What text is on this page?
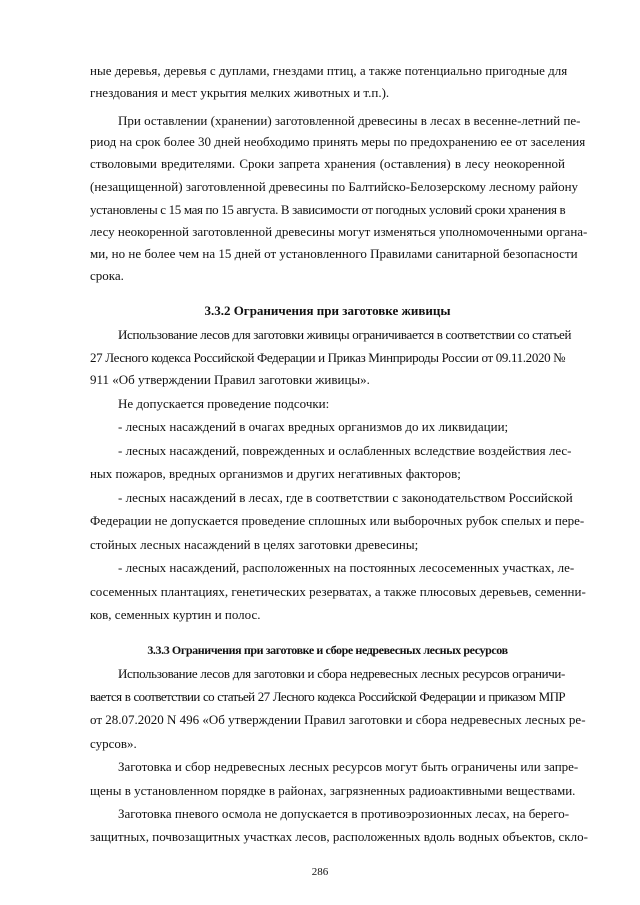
ные деревья, деревья с дуплами, гнездами птиц, а также потенциально пригодные для
гнездования и мест укрытия мелких животных и т.п.).
При оставлении (хранении) заготовленной древесины в лесах в весенне-летний пе-
риод на срок более 30 дней необходимо принять меры по предохранению ее от заселения
стволовыми вредителями. Сроки запрета хранения (оставления) в лесу неокоренной
(незащищенной) заготовленной древесины по Балтийско-Белозерскому лесному району
установлены с 15 мая по 15 августа. В зависимости от погодных условий сроки хранения в
лесу неокоренной заготовленной древесины могут изменяться уполномоченными органа-
ми, но не более чем на 15 дней от установленного Правилами санитарной безопасности
срока.
3.3.2 Ограничения при заготовке живицы
Использование лесов для заготовки живицы ограничивается в соответствии со статьей
27 Лесного кодекса Российской Федерации и Приказ Минприроды России от 09.11.2020 №
911 «Об утверждении Правил заготовки живицы».
Не допускается проведение подсочки:
- лесных насаждений в очагах вредных организмов до их ликвидации;
- лесных насаждений, поврежденных и ослабленных вследствие воздействия лес-
ных пожаров, вредных организмов и других негативных факторов;
- лесных насаждений в лесах, где в соответствии с законодательством Российской
Федерации не допускается проведение сплошных или выборочных рубок спелых и пере-
стойных лесных насаждений в целях заготовки древесины;
- лесных насаждений, расположенных на постоянных лесосеменных участках, ле-
сосеменных плантациях, генетических резерватах, а также плюсовых деревьев, семенни-
ков, семенных куртин и полос.
3.3.3 Ограничения при заготовке и сборе недревесных лесных ресурсов
Использование лесов для заготовки и сбора недревесных лесных ресурсов ограничи-
вается в соответствии со статьей 27 Лесного кодекса Российской Федерации и приказом МПР
от 28.07.2020 N 496 «Об утверждении Правил заготовки и сбора недревесных лесных ре-
сурсов».
Заготовка и сбор недревесных лесных ресурсов могут быть ограничены или запре-
щены в установленном порядке в районах, загрязненных радиоактивными веществами.
Заготовка пневого осмола не допускается в противоэрозионных лесах, на берего-
защитных, почвозащитных участках лесов, расположенных вдоль водных объектов, скло-
286
